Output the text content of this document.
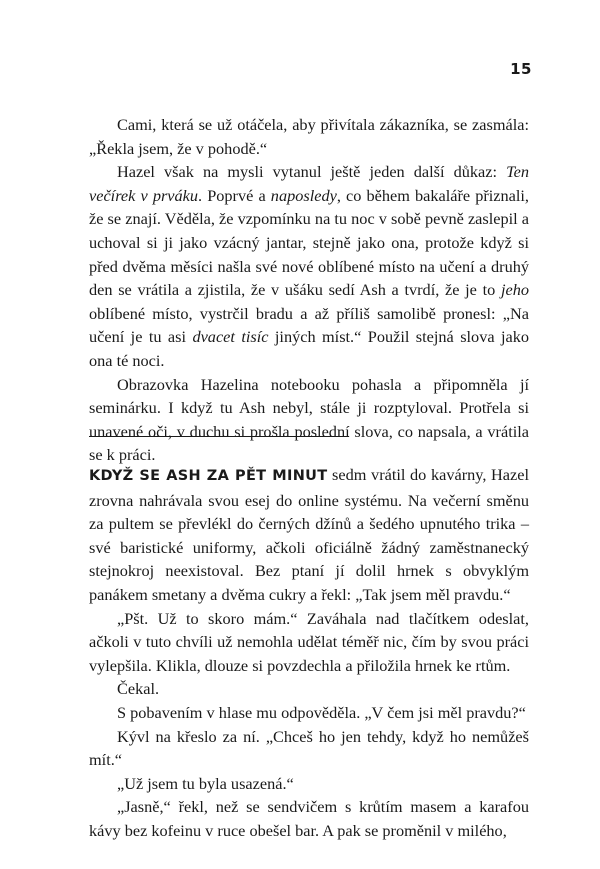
15

Cami, která se už otáčela, aby přivítala zákazníka, se zasmála: „Řekla jsem, že v pohodě.“

Hazel však na mysli vytanul ještě jeden další důkaz: Ten večírek v prváku. Poprvé a naposledy, co během bakaláře přiznali, že se znají. Věděla, že vzpomínku na tu noc v sobě pevně zaslepil a uchoval si ji jako vzácný jantar, stejně jako ona, protože když si před dvěma měsíci našla své nové oblíbené místo na učení a druhý den se vrátila a zjistila, že v ušáku sedí Ash a tvrdí, že je to jeho oblíbené místo, vystrčil bradu a až příliš samolibě pronesl: „Na učení je tu asi dvacet tisíc jiných míst.“ Použil stejná slova jako ona té noci.

Obrazovka Hazelina notebooku pohasla a připomněla jí seminárku. I když tu Ash nebyl, stále ji rozptyloval. Protřela si unavené oči, v duchu si prošla poslední slova, co napsala, a vrátila se k práci.

KDYŽ SE ASH ZA PĚT MINUT sedm vrátil do kavárny, Hazel zrovna nahrávala svou esej do online systému. Na večerní směnu za pultem se převlékl do černých džínů a šedého upnutého trika – své baristické uniformy, ačkoli oficiálně žádný zaměstnanecký stejnokroj neexistoval. Bez ptaní jí dolil hrnek s obvyklým panákem smetany a dvěma cukry a řekl: „Tak jsem měl pravdu.“

„Pšt. Už to skoro mám.“ Zaváhala nad tlačítkem odeslat, ačkoli v tuto chvíli už nemohla udělat téměř nic, čím by svou práci vylepšila. Klikla, dlouze si povzdechla a přiložila hrnek ke rtům.

Čekal.

S pobavením v hlase mu odpověděla. „V čem jsi měl pravdu?“

Kývl na křeslo za ní. „Chceš ho jen tehdy, když ho nemůžeš mít.“

„Už jsem tu byla usazená.“

„Jasně,“ řekl, než se sendvičem s krůtím masem a karafou kávy bez kofeinu v ruce obešel bar. A pak se proměnil v milého,
